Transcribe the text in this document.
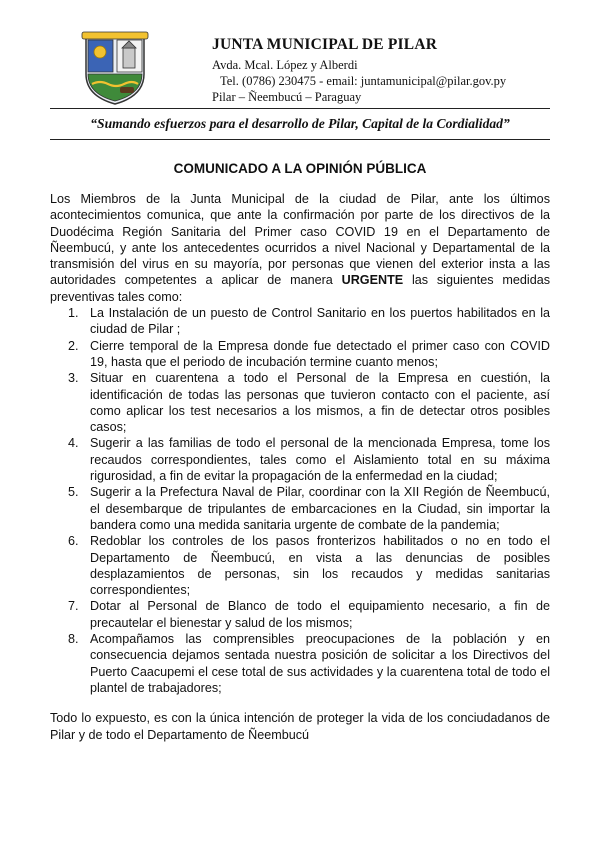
JUNTA MUNICIPAL DE PILAR
Avda. Mcal. López y Alberdi
Tel. (0786) 230475 - email: juntamunicipal@pilar.gov.py
Pilar – Ñeembucú – Paraguay
“Sumando esfuerzos para el desarrollo de Pilar, Capital de la Cordialidad”
COMUNICADO A LA OPINIÓN PÚBLICA

Los Miembros de la Junta Municipal de la ciudad de Pilar, ante los últimos acontecimientos comunica, que ante la confirmación por parte de los directivos de la Duodécima Región Sanitaria del Primer caso COVID 19 en el Departamento de Ñeembucú, y ante los antecedentes ocurridos a nivel Nacional y Departamental de la transmisión del virus en su mayoría, por personas que vienen del exterior insta a las autoridades competentes a aplicar de manera URGENTE las siguientes medidas preventivas tales como:

1. La Instalación de un puesto de Control Sanitario en los puertos habilitados en la ciudad de Pilar ;
2. Cierre temporal de la Empresa donde fue detectado el primer caso con COVID 19, hasta que el periodo de incubación termine cuanto menos;
3. Situar en cuarentena a todo el Personal de la Empresa en cuestión, la identificación de todas las personas que tuvieron contacto con el paciente, así como aplicar los test necesarios a los mismos, a fin de detectar otros posibles casos;
4. Sugerir a las familias de todo el personal de la mencionada Empresa, tome los recaudos correspondientes, tales como el Aislamiento total en su máxima rigurosidad, a fin de evitar la propagación de la enfermedad en la ciudad;
5. Sugerir a la Prefectura Naval de Pilar, coordinar con la XII Región de Ñeembucú, el desembarque de tripulantes de embarcaciones en la Ciudad, sin importar la bandera como una medida sanitaria urgente de combate de la pandemia;
6. Redoblar los controles de los pasos fronterizos habilitados o no en todo el Departamento de Ñeembucú, en vista a las denuncias de posibles desplazamientos de personas, sin los recaudos y medidas sanitarias correspondientes;
7. Dotar al Personal de Blanco de todo el equipamiento necesario, a fin de precautelar el bienestar y salud de los mismos;
8. Acompañamos las comprensibles preocupaciones de la población y en consecuencia dejamos sentada nuestra posición de solicitar a los Directivos del Puerto Caacupemi el cese total de sus actividades y la cuarentena total de todo el plantel de trabajadores;

Todo lo expuesto, es con la única intención de proteger la vida de los conciudadanos de Pilar y de todo el Departamento de Ñeembucú
